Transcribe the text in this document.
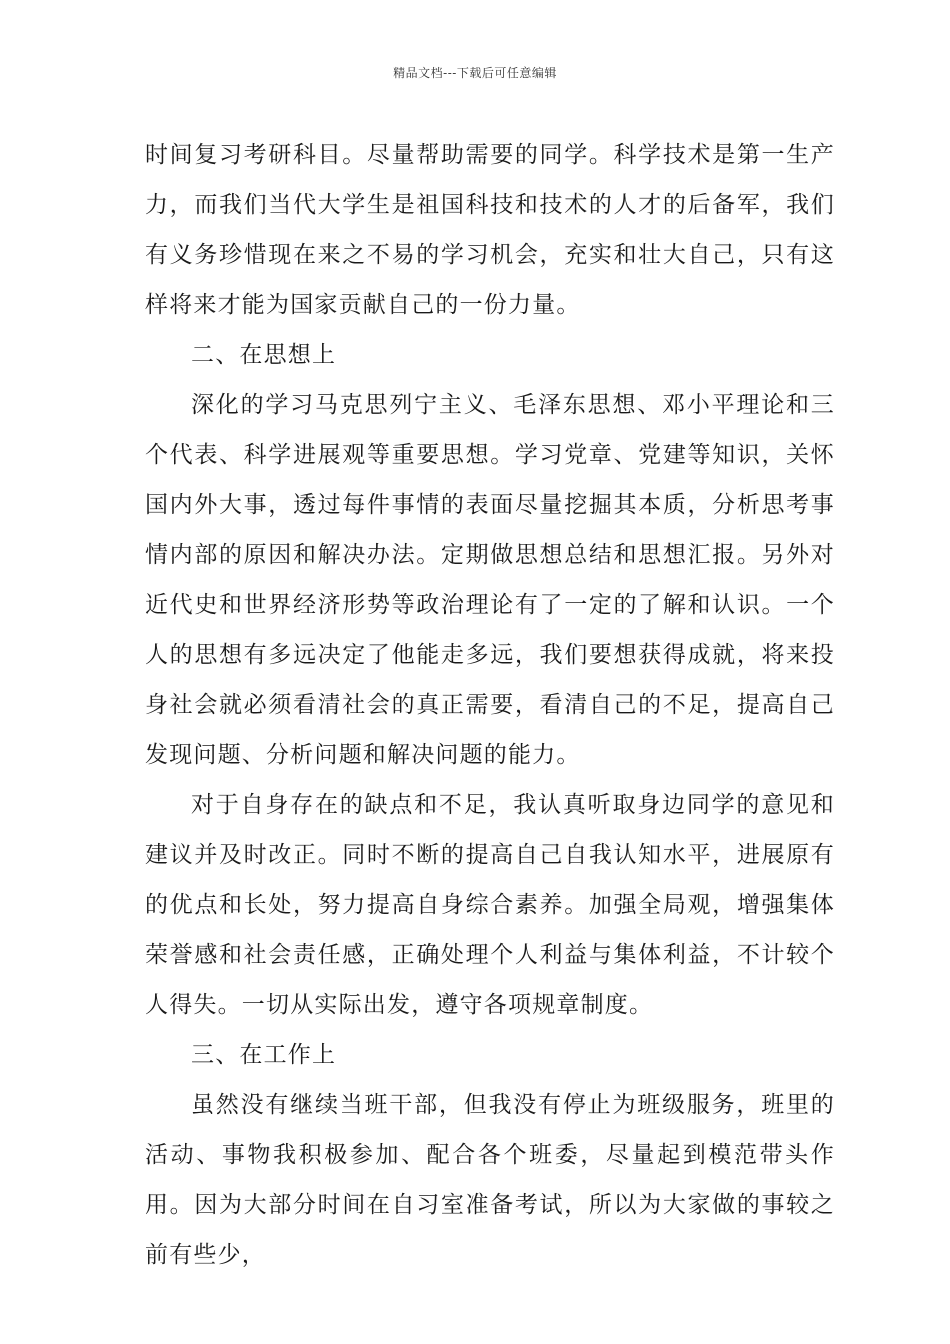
精品文档---下载后可任意编辑

时间复习考研科目。尽量帮助需要的同学。科学技术是第一生产力，而我们当代大学生是祖国科技和技术的人才的后备军，我们有义务珍惜现在来之不易的学习机会，充实和壮大自己，只有这样将来才能为国家贡献自己的一份力量。

二、在思想上

深化的学习马克思列宁主义、毛泽东思想、邓小平理论和三个代表、科学进展观等重要思想。学习党章、党建等知识，关怀国内外大事，透过每件事情的表面尽量挖掘其本质，分析思考事情内部的原因和解决办法。定期做思想总结和思想汇报。另外对近代史和世界经济形势等政治理论有了一定的了解和认识。一个人的思想有多远决定了他能走多远，我们要想获得成就，将来投身社会就必须看清社会的真正需要，看清自己的不足，提高自己发现问题、分析问题和解决问题的能力。

对于自身存在的缺点和不足，我认真听取身边同学的意见和建议并及时改正。同时不断的提高自己自我认知水平，进展原有的优点和长处，努力提高自身综合素养。加强全局观，增强集体荣誉感和社会责任感，正确处理个人利益与集体利益，不计较个人得失。一切从实际出发，遵守各项规章制度。

三、在工作上

虽然没有继续当班干部，但我没有停止为班级服务，班里的活动、事物我积极参加、配合各个班委，尽量起到模范带头作用。因为大部分时间在自习室准备考试，所以为大家做的事较之前有些少，
